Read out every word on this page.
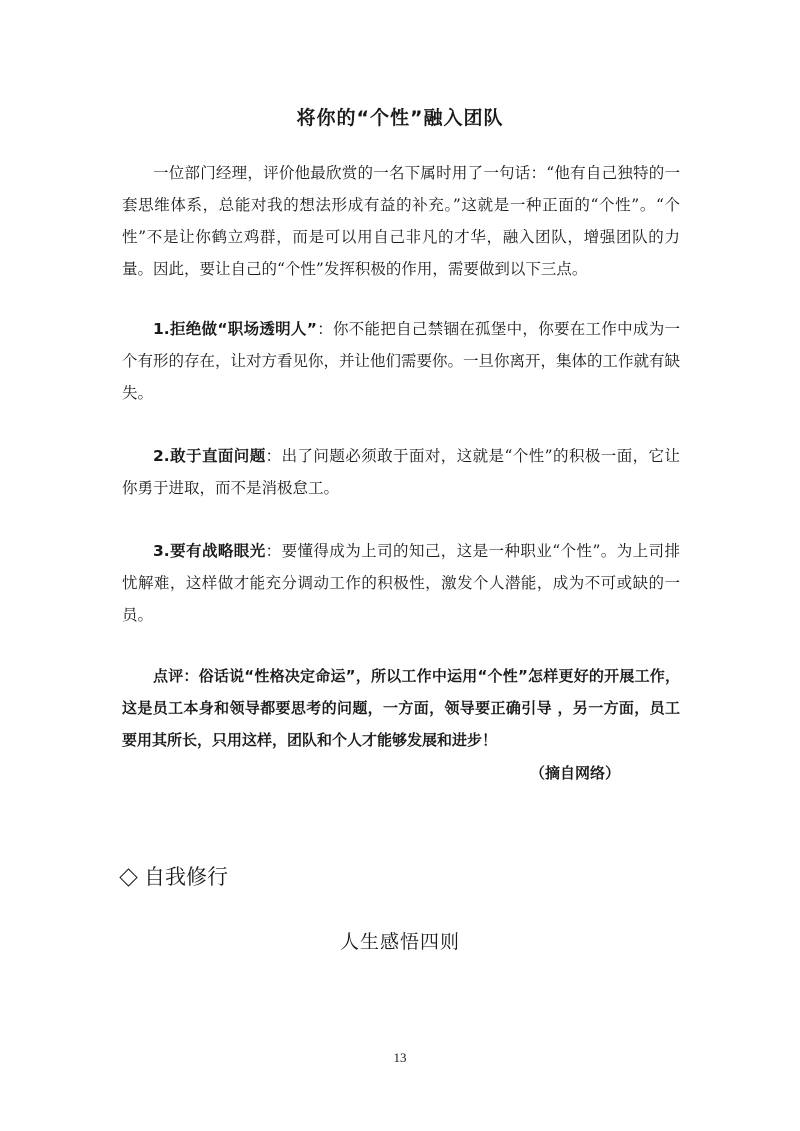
将你的“个性”融入团队
一位部门经理，评价他最欣赏的一名下属时用了一句话：“他有自己独特的一套思维体系，总能对我的想法形成有益的补充。”这就是一种正面的“个性”。“个性”不是让你鹤立鸡群，而是可以用自己非凡的才华，融入团队，增强团队的力量。因此，要让自己的“个性”发挥积极的作用，需要做到以下三点。
1.拒绝做“职场透明人”：你不能把自己禁锢在孤堡中，你要在工作中成为一个有形的存在，让对方看见你，并让他们需要你。一旦你离开，集体的工作就有缺失。
2.敢于直面问题：出了问题必须敢于面对，这就是“个性”的积极一面，它让你勇于进取，而不是消极怠工。
3.要有战略眼光：要懂得成为上司的知己，这是一种职业“个性”。为上司排忧解难，这样做才能充分调动工作的积极性，激发个人潜能，成为不可或缺的一员。
点评：俗话说“性格决定命运”，所以工作中运用“个性”怎样更好的开展工作，这是员工本身和领导都要思考的问题，一方面，领导要正确引导 ，另一方面，员工要用其所长，只用这样，团队和个人才能够发展和进步！
（摘自网络）
自我修行
人生感悟四则
13
